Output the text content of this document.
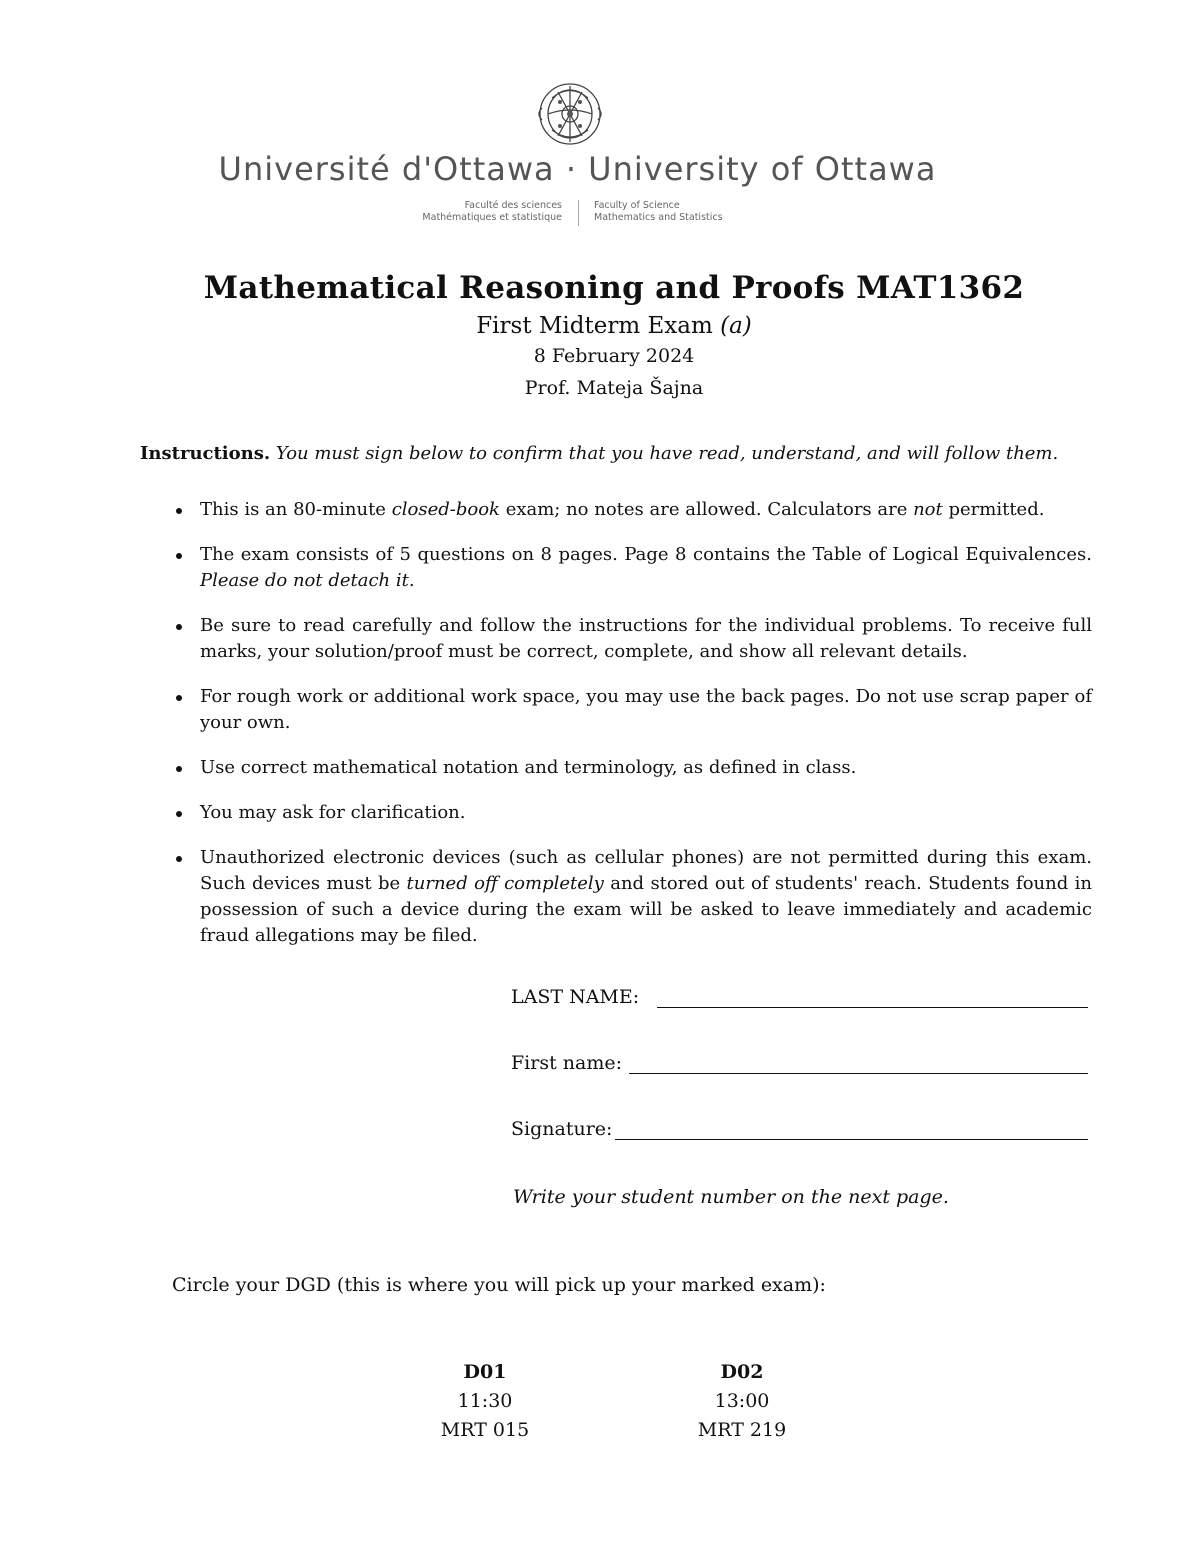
Université d'Ottawa · University of Ottawa
Faculté des sciences
Mathématiques et statistique
Faculty of Science
Mathematics and Statistics
Mathematical Reasoning and Proofs MAT1362
First Midterm Exam (a)
8 February 2024
Prof. Mateja Šajna
Instructions. You must sign below to confirm that you have read, understand, and will follow them.
This is an 80-minute closed-book exam; no notes are allowed. Calculators are not permitted.
The exam consists of 5 questions on 8 pages. Page 8 contains the Table of Logical Equivalences. Please do not detach it.
Be sure to read carefully and follow the instructions for the individual problems. To receive full marks, your solution/proof must be correct, complete, and show all relevant details.
For rough work or additional work space, you may use the back pages. Do not use scrap paper of your own.
Use correct mathematical notation and terminology, as defined in class.
You may ask for clarification.
Unauthorized electronic devices (such as cellular phones) are not permitted during this exam. Such devices must be turned off completely and stored out of students' reach. Students found in possession of such a device during the exam will be asked to leave immediately and academic fraud allegations may be filed.
LAST NAME:
First name:
Signature:
Write your student number on the next page.
Circle your DGD (this is where you will pick up your marked exam):
D01
11:30
MRT 015
D02
13:00
MRT 219
